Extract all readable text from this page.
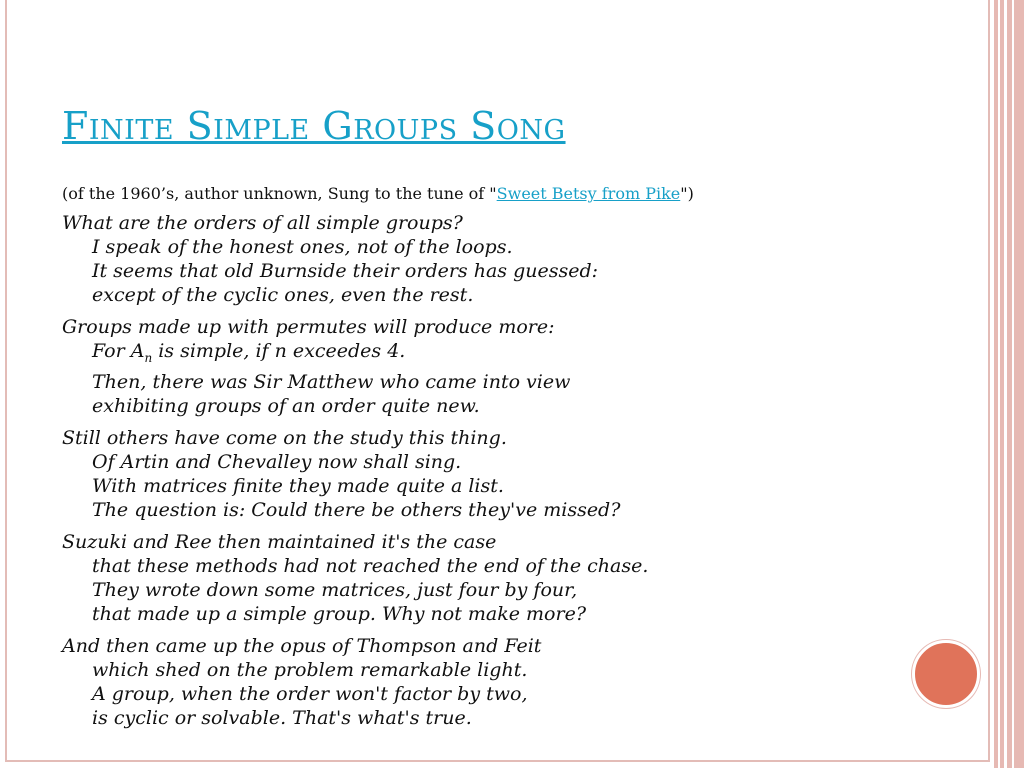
Finite Simple Groups Song
(of the 1960’s, author unknown, Sung to the tune of "Sweet Betsy from Pike")
What are the orders of all simple groups?
I speak of the honest ones, not of the loops.
It seems that old Burnside their orders has guessed:
except of the cyclic ones, even the rest.
Groups made up with permutes will produce more:
For $A_n$ is simple, if n exceedes 4.
Then, there was Sir Matthew who came into view
exhibiting groups of an order quite new.
Still others have come on the study this thing.
Of Artin and Chevalley now shall sing.
With matrices finite they made quite a list.
The question is: Could there be others they've missed?
Suzuki and Ree then maintained it's the case
that these methods had not reached the end of the chase.
They wrote down some matrices, just four by four,
that made up a simple group. Why not make more?
And then came up the opus of Thompson and Feit
which shed on the problem remarkable light.
A group, when the order won't factor by two,
is cyclic or solvable. That's what's true.
